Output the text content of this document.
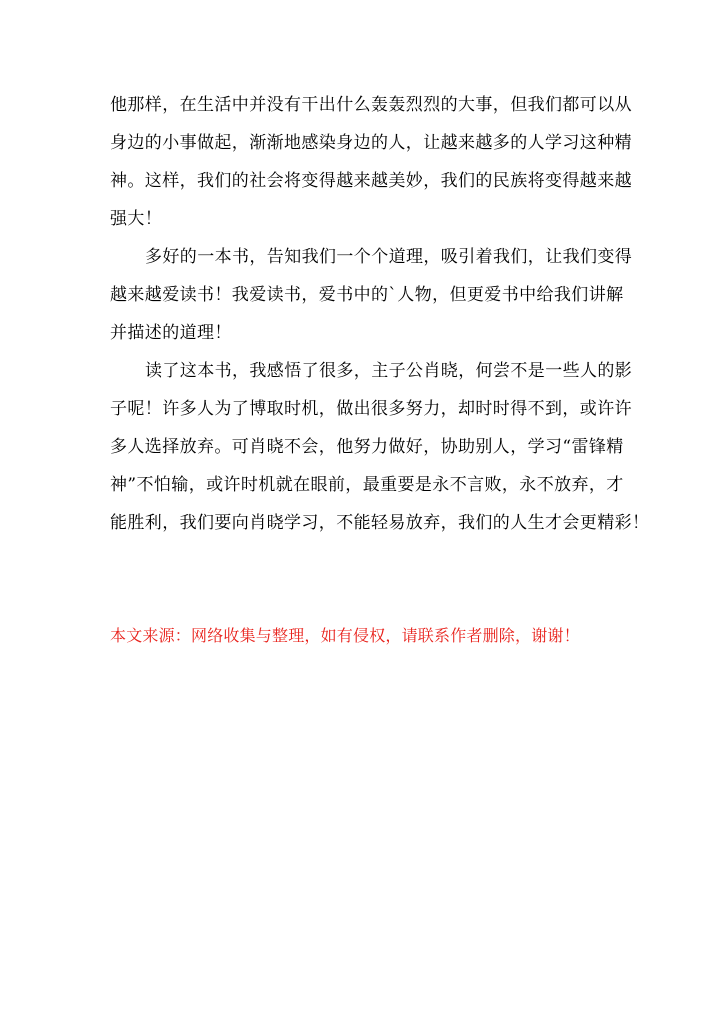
他那样，在生活中并没有干出什么轰轰烈烈的大事，但我们都可以从
身边的小事做起，渐渐地感染身边的人，让越来越多的人学习这种精
神。这样，我们的社会将变得越来越美妙，我们的民族将变得越来越
强大！
多好的一本书，告知我们一个个道理，吸引着我们，让我们变得
越来越爱读书！我爱读书，爱书中的`人物，但更爱书中给我们讲解
并描述的道理！
读了这本书，我感悟了很多，主子公肖晓，何尝不是一些人的影
子呢！许多人为了博取时机，做出很多努力，却时时得不到，或许许
多人选择放弃。可肖晓不会，他努力做好，协助别人，学习“雷锋精
神”不怕输，或许时机就在眼前，最重要是永不言败，永不放弃，才
能胜利，我们要向肖晓学习，不能轻易放弃，我们的人生才会更精彩！
本文来源：网络收集与整理，如有侵权，请联系作者删除，谢谢！
